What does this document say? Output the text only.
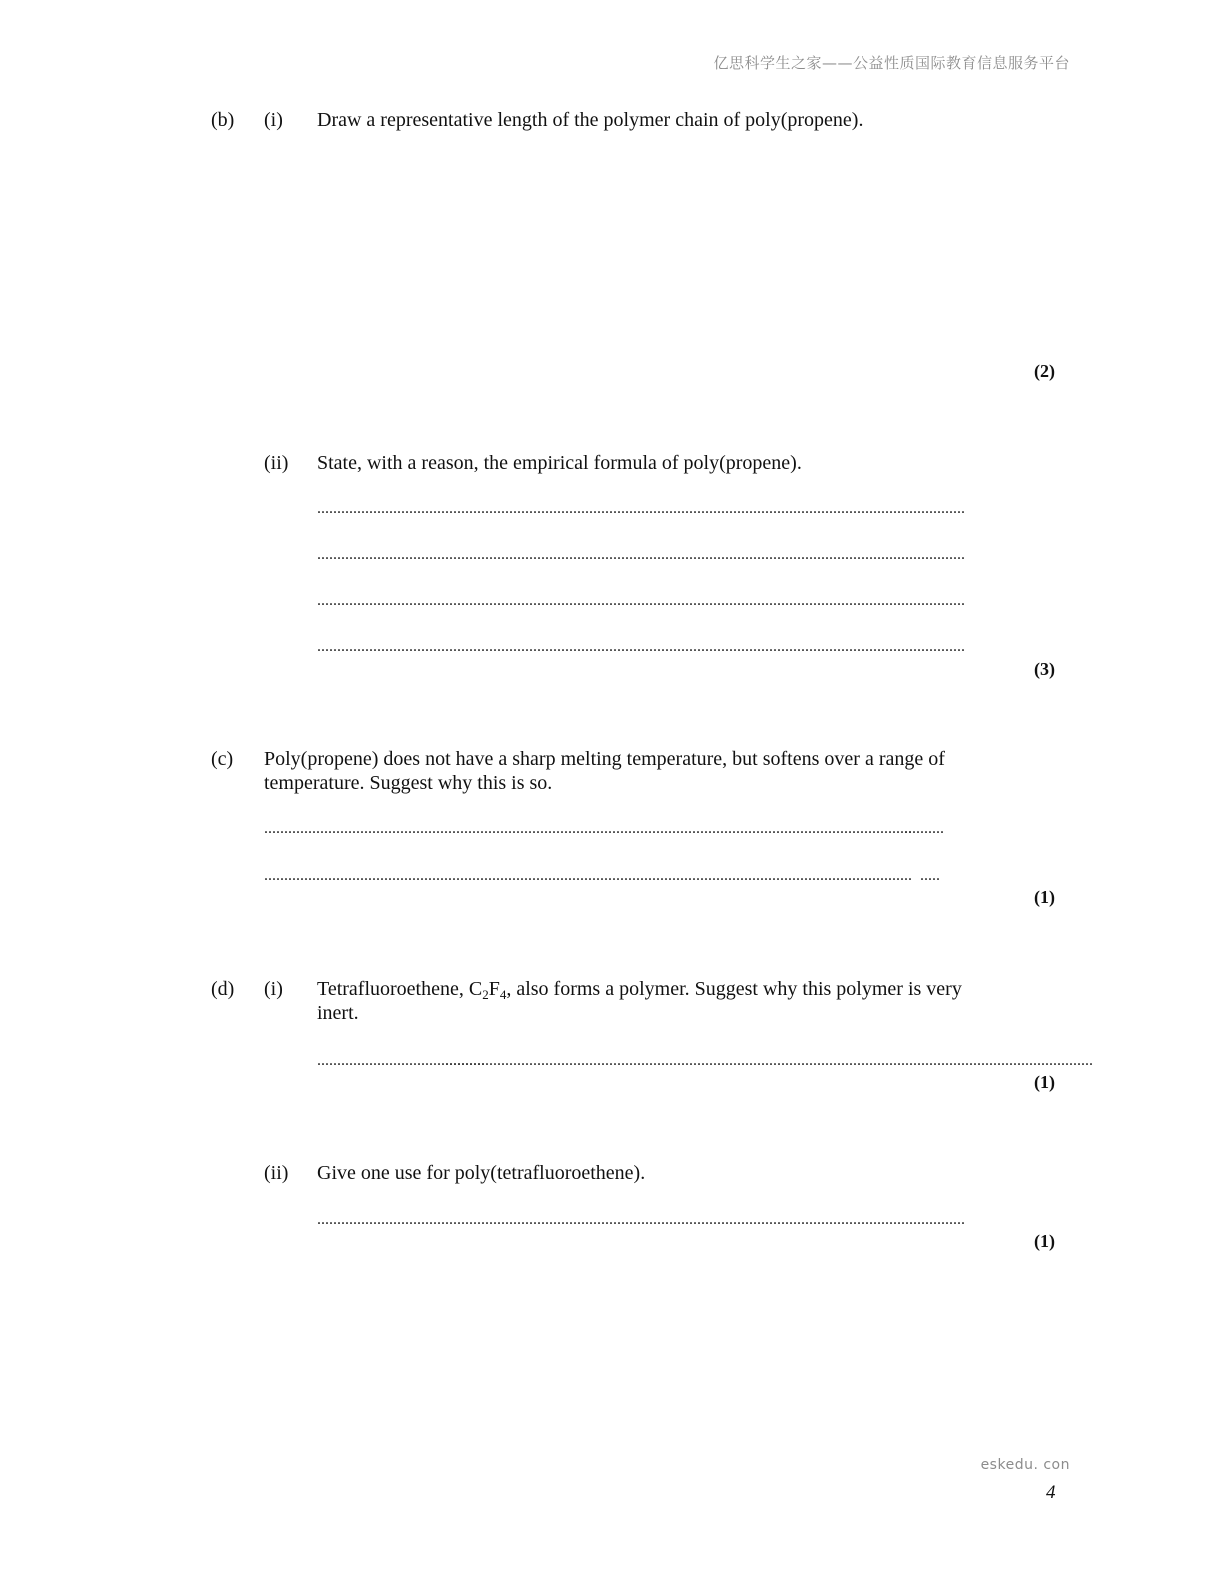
亿思科学生之家——公益性质国际教育信息服务平台
(b) (i) Draw a representative length of the polymer chain of poly(propene).
(2)
(ii) State, with a reason, the empirical formula of poly(propene).
..................................................................................................................................................................
..................................................................................................................................................................
..................................................................................................................................................................
..................................................................................................................................................................
(3)
(c) Poly(propene) does not have a sharp melting temperature, but softens over a range of temperature. Suggest why this is so.
..................................................................................................................................................................
..........
.................................................................................................................................................................. .....
(1)
(d) (i) Tetrafluoroethene, $C_2F_4$, also forms a polymer. Suggest why this polymer is very inert.
..........................................
..................................................................................................................................................................
(1)
(ii) Give one use for poly(tetrafluoroethene).
..................................................................................................................................................................
(1)
eskedu. con
4
